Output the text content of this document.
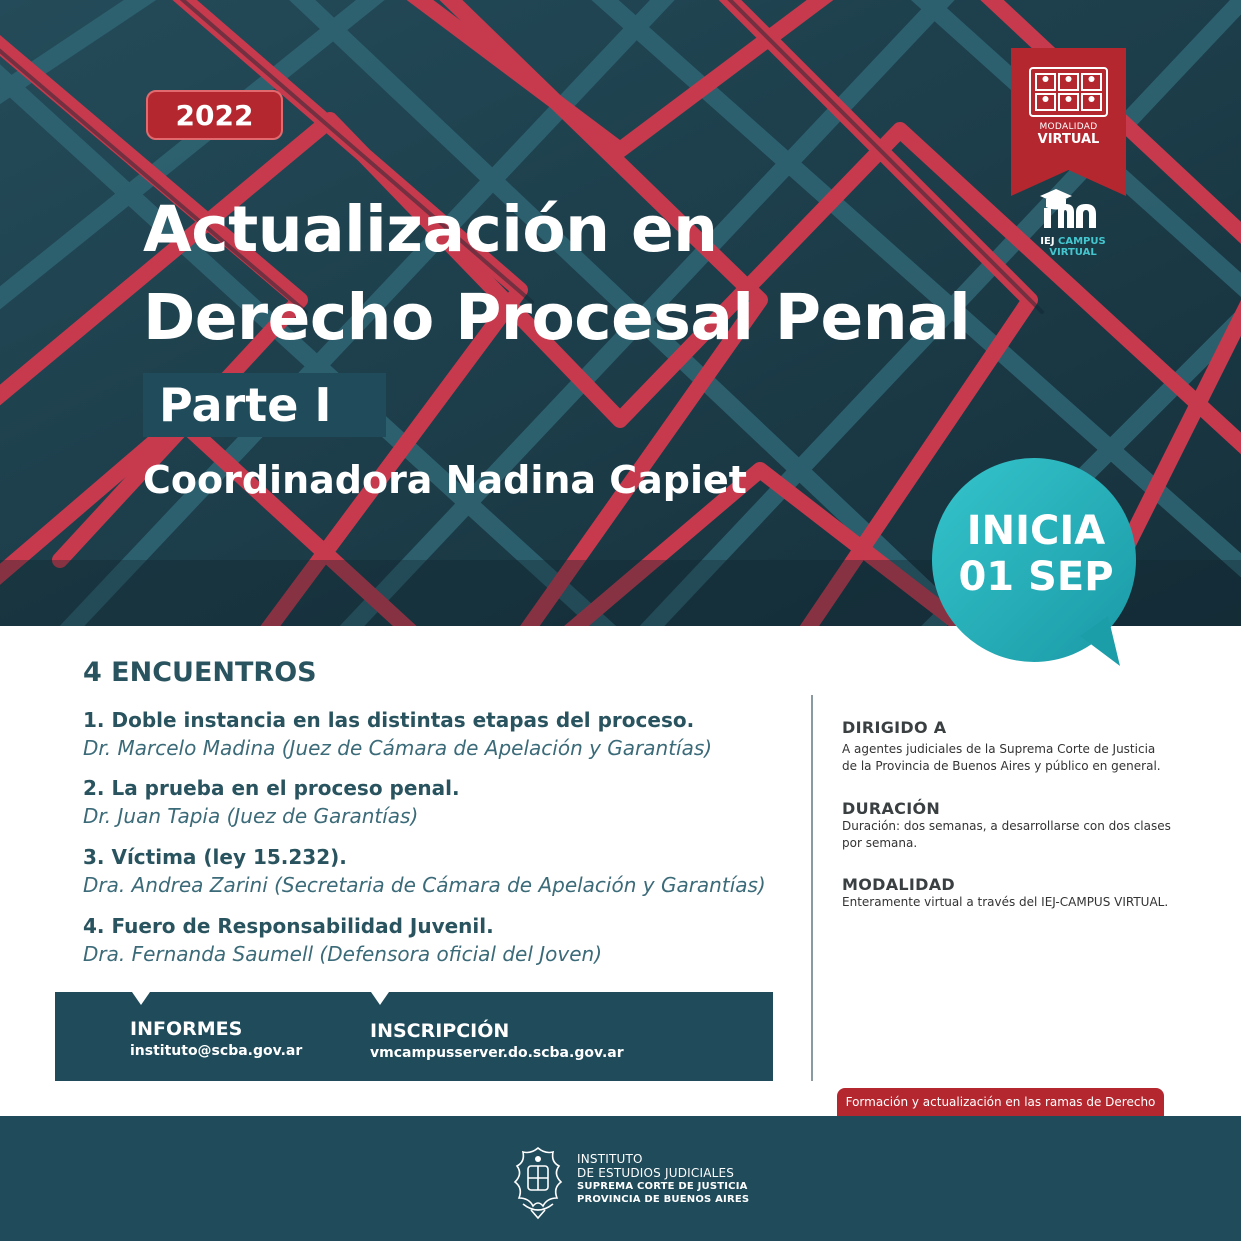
2022
Actualización en
Derecho Procesal Penal
Parte I
Coordinadora Nadina Capiet
MODALIDAD
VIRTUAL
IEJ CAMPUS VIRTUAL
INICIA
01 SEP
4 ENCUENTROS
1. Doble instancia en las distintas etapas del proceso.
Dr. Marcelo Madina (Juez de Cámara de Apelación y Garantías)
2. La prueba en el proceso penal.
Dr. Juan Tapia (Juez de Garantías)
3. Víctima (ley 15.232).
Dra. Andrea Zarini (Secretaria de Cámara de Apelación y Garantías)
4. Fuero de Responsabilidad Juvenil.
Dra. Fernanda Saumell (Defensora oficial del Joven)
DIRIGIDO A
A agentes judiciales de la Suprema Corte de Justicia
de la Provincia de Buenos Aires y público en general.
DURACIÓN
Duración: dos semanas, a desarrollarse con dos clases
por semana.
MODALIDAD
Enteramente virtual a través del IEJ-CAMPUS VIRTUAL.
INFORMES
instituto@scba.gov.ar
INSCRIPCIÓN
vmcampusserver.do.scba.gov.ar
Formación y actualización en las ramas de Derecho
INSTITUTO
DE ESTUDIOS JUDICIALES
SUPREMA CORTE DE JUSTICIA
PROVINCIA DE BUENOS AIRES
